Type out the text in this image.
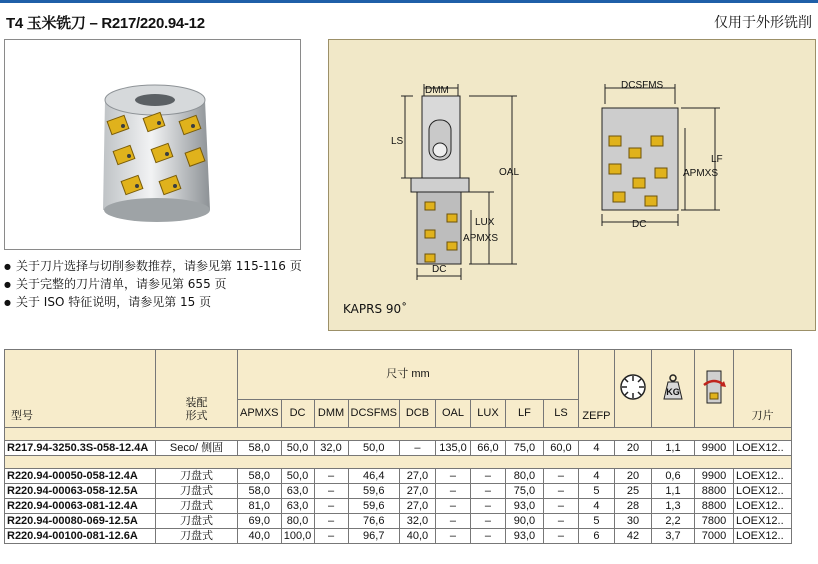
T4 玉米铣刀 – R217/220.94-12	仅用于外形铣削
● 关于刀片选择与切削参数推荐，请参见第 115-116 页
● 关于完整的刀片清单，请参见第 655 页
● 关于 ISO 特征说明，请参见第 15 页
DMM
LS
OAL
LUX
APMXS
DC
DCSFMS
LF
APMXS
DC
KAPRS 90˚
型号	装配
形式	尺寸 mm									ZEFP		KG		刀片
		APMXS	DC	DMM	DCSFMS	DCB	OAL	LUX	LF	LS					

R217.94-3250.3S-058-12.4A	Seco/ 侧固	58,0	50,0	32,0	50,0	–	135,0	66,0	75,0	60,0	4	20	1,1	9900	LOEX12..

R220.94-00050-058-12.4A	刀盘式	58,0	50,0	–	46,4	27,0	–	–	80,0	–	4	20	0,6	9900	LOEX12..
R220.94-00063-058-12.5A	刀盘式	58,0	63,0	–	59,6	27,0	–	–	75,0	–	5	25	1,1	8800	LOEX12..
R220.94-00063-081-12.4A	刀盘式	81,0	63,0	–	59,6	27,0	–	–	93,0	–	4	28	1,3	8800	LOEX12..
R220.94-00080-069-12.5A	刀盘式	69,0	80,0	–	76,6	32,0	–	–	90,0	–	5	30	2,2	7800	LOEX12..
R220.94-00100-081-12.6A	刀盘式	40,0	100,0	–	96,7	40,0	–	–	93,0	–	6	42	3,7	7000	LOEX12..
